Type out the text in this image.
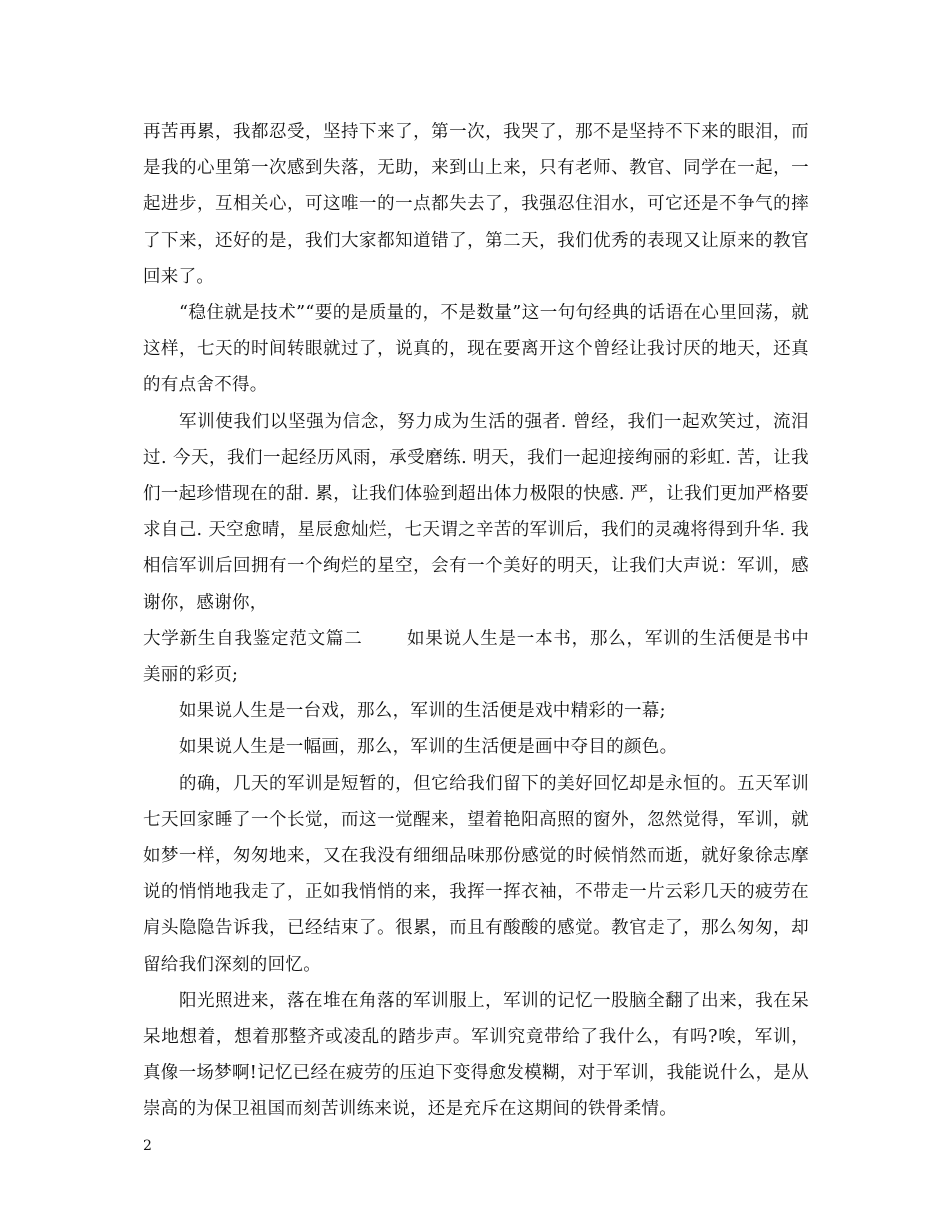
再苦再累，我都忍受，坚持下来了，第一次，我哭了，那不是坚持不下来的眼泪，而是我的心里第一次感到失落，无助，来到山上来，只有老师、教官、同学在一起，一起进步，互相关心，可这唯一的一点都失去了，我强忍住泪水，可它还是不争气的摔了下来，还好的是，我们大家都知道错了，第二天，我们优秀的表现又让原来的教官回来了。

“稳住就是技术”“要的是质量的，不是数量”这一句句经典的话语在心里回荡，就这样，七天的时间转眼就过了，说真的，现在要离开这个曾经让我讨厌的地天，还真的有点舍不得。

军训使我们以坚强为信念，努力成为生活的强者. 曾经，我们一起欢笑过，流泪过. 今天，我们一起经历风雨，承受磨练. 明天，我们一起迎接绚丽的彩虹. 苦，让我们一起珍惜现在的甜. 累，让我们体验到超出体力极限的快感. 严，让我们更加严格要求自己. 天空愈晴，星辰愈灿烂，七天谓之辛苦的军训后，我们的灵魂将得到升华. 我相信军训后回拥有一个绚烂的星空，会有一个美好的明天，让我们大声说：军训，感谢你，感谢你，

大学新生自我鉴定范文篇二	如果说人生是一本书，那么，军训的生活便是书中美丽的彩页;

如果说人生是一台戏，那么，军训的生活便是戏中精彩的一幕;

如果说人生是一幅画，那么，军训的生活便是画中夺目的颜色。

的确，几天的军训是短暂的，但它给我们留下的美好回忆却是永恒的。五天军训七天回家睡了一个长觉，而这一觉醒来，望着艳阳高照的窗外，忽然觉得，军训，就如梦一样，匆匆地来，又在我没有细细品味那份感觉的时候悄然而逝，就好象徐志摩说的悄悄地我走了，正如我悄悄的来，我挥一挥衣袖，不带走一片云彩几天的疲劳在肩头隐隐告诉我，已经结束了。很累，而且有酸酸的感觉。教官走了，那么匆匆，却留给我们深刻的回忆。

阳光照进来，落在堆在角落的军训服上，军训的记忆一股脑全翻了出来，我在呆呆地想着，想着那整齐或凌乱的踏步声。军训究竟带给了我什么，有吗?唉，军训，真像一场梦啊!记忆已经在疲劳的压迫下变得愈发模糊，对于军训，我能说什么，是从崇高的为保卫祖国而刻苦训练来说，还是充斥在这期间的铁骨柔情。

2
